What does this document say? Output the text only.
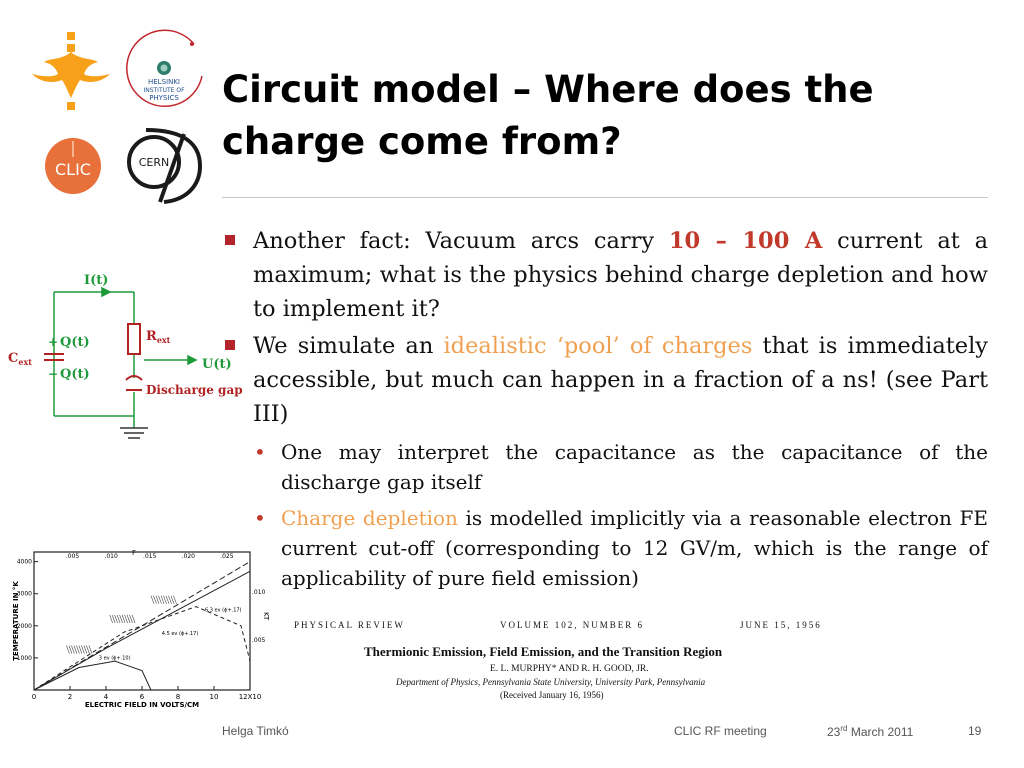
HELSINKI
INSTITUTE OF
PHYSICS
CLIC	CERN
Circuit model – Where does the charge come from?

Another fact: Vacuum arcs carry 10 – 100 A current at a maximum; what is the physics behind charge depletion and how to implement it?

We simulate an idealistic ‘pool’ of charges that is immediately accessible, but much can happen in a fraction of a ns! (see Part III)

• One may interpret the capacitance as the capacitance of the discharge gap itself

• Charge depletion is modelled implicitly via a reasonable electron FE current cut-off (corresponding to 12 GV/m, which is the range of applicability of pure field emission)

I(t)
+
−
Q(t)
Q(t)
$C_{ext}$
$R_{ext}$
U(t)
Discharge gap
0	2	4	6	8	10	12X10
1000
2000
3000
4000
.005	.010	.015	.020	.025
.005
.010
F
KT
ELECTRIC FIELD IN VOLTS/CM
TEMPERATURE IN °K	6.3 ev (ϕ+.17)
4.5 ev (ϕ+.17)
3 ev (ϕ+.10)
PHYSICAL REVIEW	VOLUME 102, NUMBER 6	JUNE 15, 1956
Thermionic Emission, Field Emission, and the Transition Region
E. L. MURPHY* AND R. H. GOOD, JR.
Department of Physics, Pennsylvania State University, University Park, Pennsylvania
(Received January 16, 1956)
Helga Timkó	CLIC RF meeting	23rd March 2011	19
